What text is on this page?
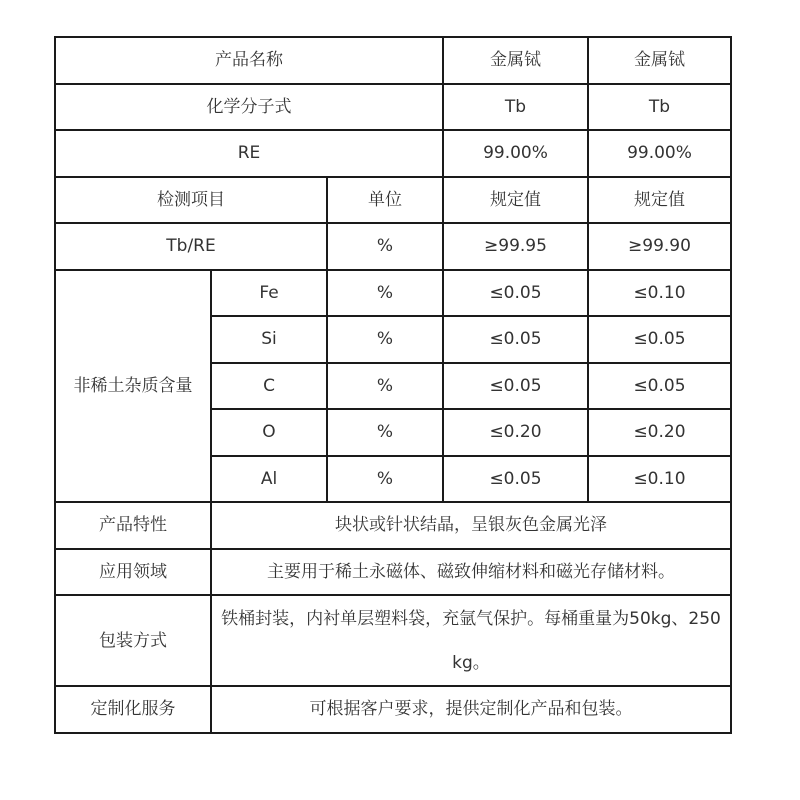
产品名称			金属铽	金属铽
化学分子式			Tb	Tb
RE			99.00%	99.00%
检测项目		单位	规定值	规定值
Tb/RE		%	≥99.95	≥99.90
非稀土杂质含量	Fe	%	≤0.05	≤0.10
	Si	%	≤0.05	≤0.05
	C	%	≤0.05	≤0.05
	O	%	≤0.20	≤0.20
	Al	%	≤0.05	≤0.10
产品特性	块状或针状结晶，呈银灰色金属光泽			
应用领域	主要用于稀土永磁体、磁致伸缩材料和磁光存储材料。			
包装方式	铁桶封装，内衬单层塑料袋，充氩气保护。每桶重量为50kg、250kg。			
定制化服务	可根据客户要求，提供定制化产品和包装。			
